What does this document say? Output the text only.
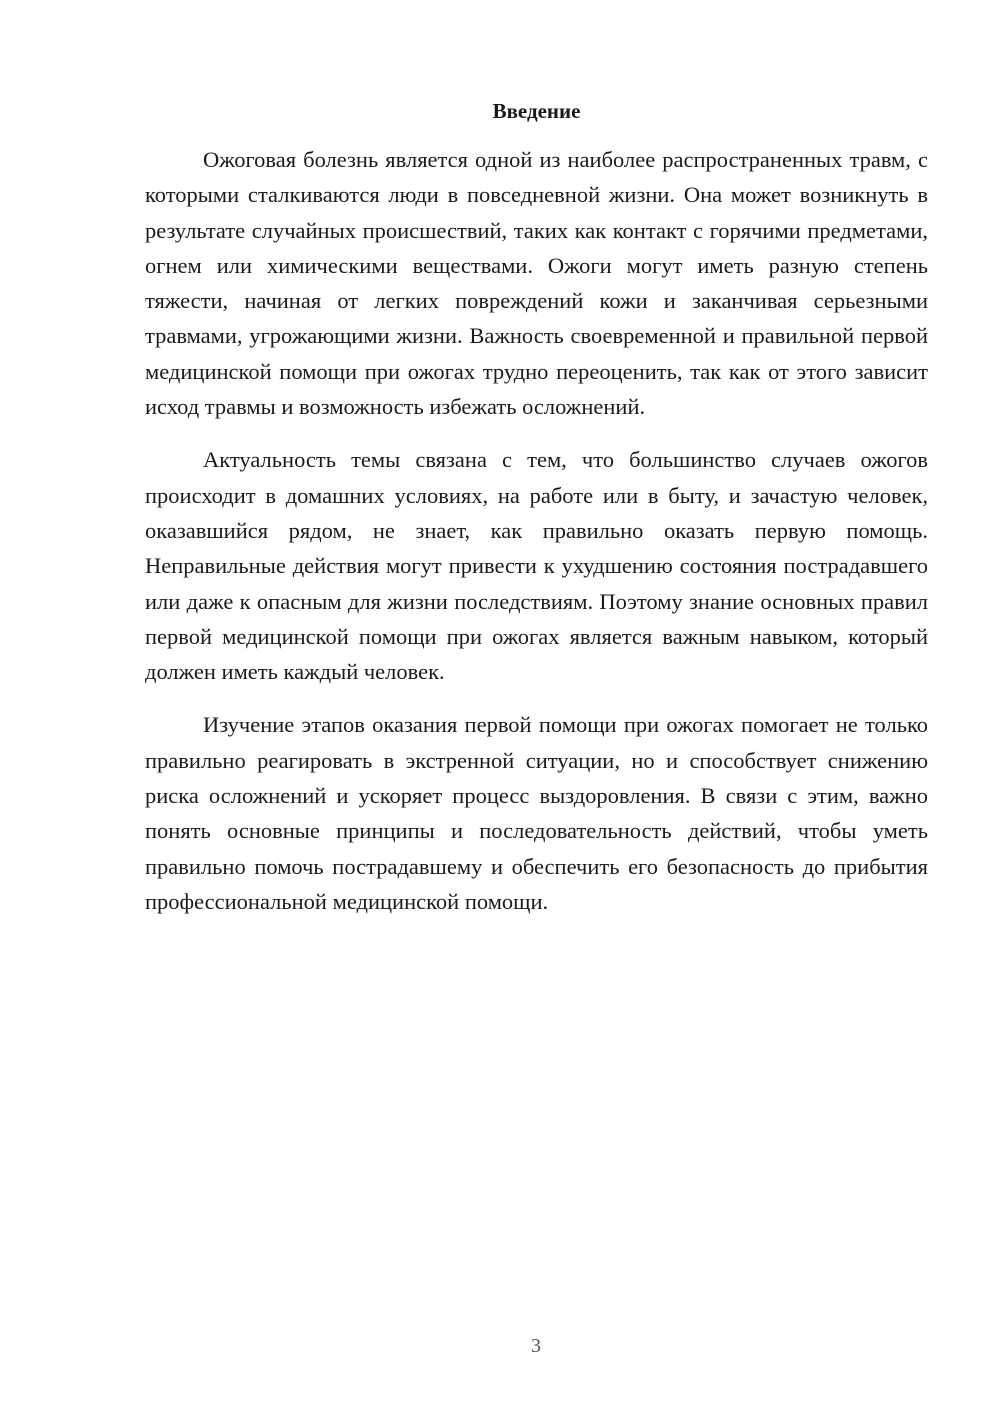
Введение

Ожоговая болезнь является одной из наиболее распространенных травм, с которыми сталкиваются люди в повседневной жизни. Она может возникнуть в результате случайных происшествий, таких как контакт с горячими предметами, огнем или химическими веществами. Ожоги могут иметь разную степень тяжести, начиная от легких повреждений кожи и заканчивая серьезными травмами, угрожающими жизни. Важность своевременной и правильной первой медицинской помощи при ожогах трудно переоценить, так как от этого зависит исход травмы и возможность избежать осложнений.

Актуальность темы связана с тем, что большинство случаев ожогов происходит в домашних условиях, на работе или в быту, и зачастую человек, оказавшийся рядом, не знает, как правильно оказать первую помощь. Неправильные действия могут привести к ухудшению состояния пострадавшего или даже к опасным для жизни последствиям. Поэтому знание основных правил первой медицинской помощи при ожогах является важным навыком, который должен иметь каждый человек.

Изучение этапов оказания первой помощи при ожогах помогает не только правильно реагировать в экстренной ситуации, но и способствует снижению риска осложнений и ускоряет процесс выздоровления. В связи с этим, важно понять основные принципы и последовательность действий, чтобы уметь правильно помочь пострадавшему и обеспечить его безопасность до прибытия профессиональной медицинской помощи.

3
